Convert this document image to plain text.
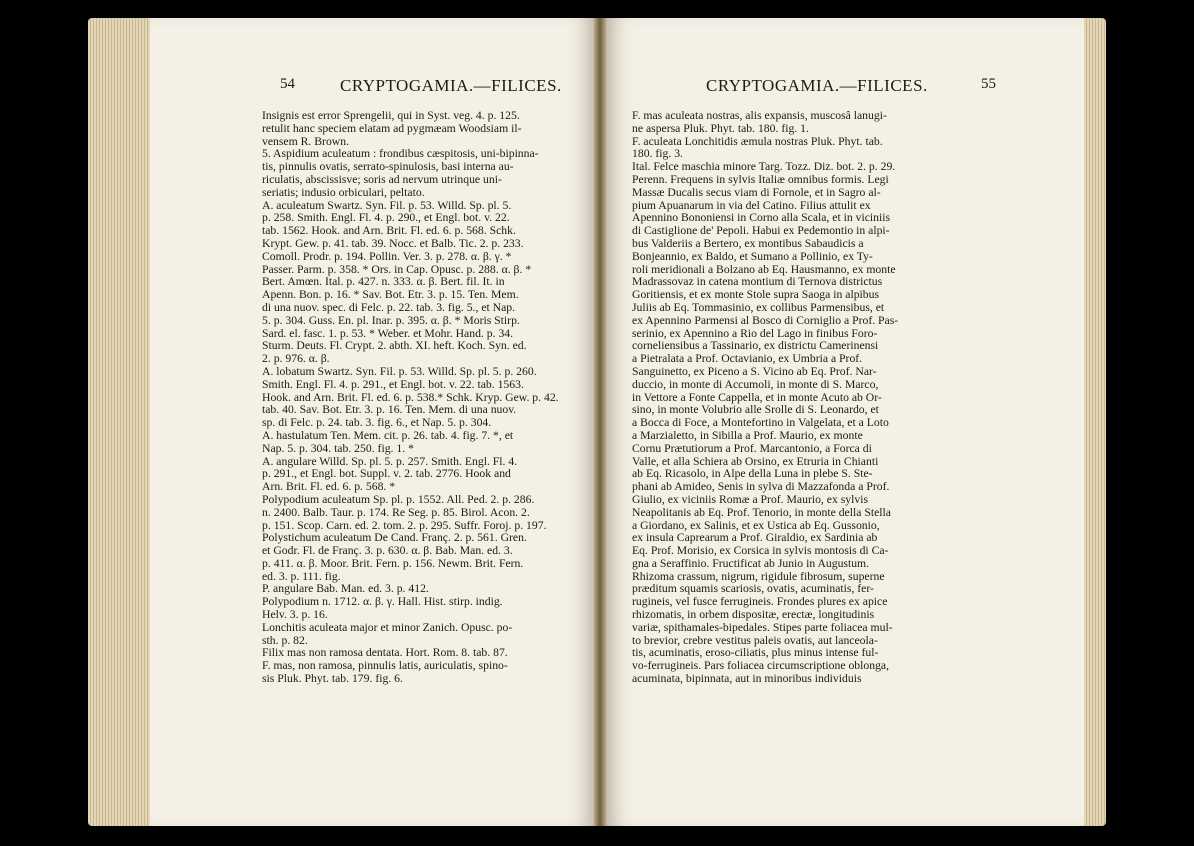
54	CRYPTOGAMIA.—FILICES.
Insignis est error Sprengelii, qui in Syst. veg. 4. p. 125.
retulit hanc speciem elatam ad pygmæam Woodsiam il-
vensem R. Brown.
5. Aspidium aculeatum : frondibus cæspitosis, uni-bipinna-
tis, pinnulis ovatis, serrato-spinulosis, basi interna au-
riculatis, abscissisve; soris ad nervum utrinque uni-
seriatis; indusio orbiculari, peltato.
A. aculeatum Swartz. Syn. Fil. p. 53. Willd. Sp. pl. 5.
p. 258. Smith. Engl. Fl. 4. p. 290., et Engl. bot. v. 22.
tab. 1562. Hook. and Arn. Brit. Fl. ed. 6. p. 568. Schk.
Krypt. Gew. p. 41. tab. 39. Nocc. et Balb. Tic. 2. p. 233.
Comoll. Prodr. p. 194. Pollin. Ver. 3. p. 278. α. β. γ. *
Passer. Parm. p. 358. * Ors. in Cap. Opusc. p. 288. α. β. *
Bert. Amœn. Ital. p. 427. n. 333. α. β. Bert. fil. It. in
Apenn. Bon. p. 16. * Sav. Bot. Etr. 3. p. 15. Ten. Mem.
di una nuov. spec. di Felc. p. 22. tab. 3. fig. 5., et Nap.
5. p. 304. Guss. En. pl. Inar. p. 395. α. β. * Moris Stirp.
Sard. el. fasc. 1. p. 53. * Weber. et Mohr. Hand. p. 34.
Sturm. Deuts. Fl. Crypt. 2. abth. XI. heft. Koch. Syn. ed.
2. p. 976. α. β.
A. lobatum Swartz. Syn. Fil. p. 53. Willd. Sp. pl. 5. p. 260.
Smith. Engl. Fl. 4. p. 291., et Engl. bot. v. 22. tab. 1563.
Hook. and Arn. Brit. Fl. ed. 6. p. 538.* Schk. Kryp. Gew. p. 42.
tab. 40. Sav. Bot. Etr. 3. p. 16. Ten. Mem. di una nuov.
sp. di Felc. p. 24. tab. 3. fig. 6., et Nap. 5. p. 304.
A. hastulatum Ten. Mem. cit. p. 26. tab. 4. fig. 7. *, et
Nap. 5. p. 304. tab. 250. fig. 1. *
A. angulare Willd. Sp. pl. 5. p. 257. Smith. Engl. Fl. 4.
p. 291., et Engl. bot. Suppl. v. 2. tab. 2776. Hook and
Arn. Brit. Fl. ed. 6. p. 568. *
Polypodium aculeatum Sp. pl. p. 1552. All. Ped. 2. p. 286.
n. 2400. Balb. Taur. p. 174. Re Seg. p. 85. Birol. Acon. 2.
p. 151. Scop. Carn. ed. 2. tom. 2. p. 295. Suffr. Foroj. p. 197.
Polystichum aculeatum De Cand. Franç. 2. p. 561. Gren.
et Godr. Fl. de Franç. 3. p. 630. α. β. Bab. Man. ed. 3.
p. 411. α. β. Moor. Brit. Fern. p. 156. Newm. Brit. Fern.
ed. 3. p. 111. fig.
P. angulare Bab. Man. ed. 3. p. 412.
Polypodium n. 1712. α. β. γ. Hall. Hist. stirp. indig.
Helv. 3. p. 16.
Lonchitis aculeata major et minor Zanich. Opusc. po-
sth. p. 82.
Filix mas non ramosa dentata. Hort. Rom. 8. tab. 87.
F. mas, non ramosa, pinnulis latis, auriculatis, spino-
sis Pluk. Phyt. tab. 179. fig. 6.
CRYPTOGAMIA.—FILICES.	55
F. mas aculeata nostras, alis expansis, muscosâ lanugi-
ne aspersa Pluk. Phyt. tab. 180. fig. 1.
F. aculeata Lonchitidis æmula nostras Pluk. Phyt. tab.
180. fig. 3.
Ital. Felce maschia minore Targ. Tozz. Diz. bot. 2. p. 29.
Perenn. Frequens in sylvis Italiæ omnibus formis. Legi
Massæ Ducalis secus viam di Fornole, et in Sagro al-
pium Apuanarum in via del Catino. Filius attulit ex
Apennino Bononiensi in Corno alla Scala, et in viciniis
di Castiglione de' Pepoli. Habui ex Pedemontio in alpi-
bus Valderiis a Bertero, ex montibus Sabaudicis a
Bonjeannio, ex Baldo, et Sumano a Pollinio, ex Ty-
roli meridionali a Bolzano ab Eq. Hausmanno, ex monte
Madrassovaz in catena montium di Ternova districtus
Goritiensis, et ex monte Stole supra Saoga in alpibus
Juliis ab Eq. Tommasinio, ex collibus Parmensibus, et
ex Apennino Parmensi al Bosco di Corniglio a Prof. Pas-
serinio, ex Apennino a Rio del Lago in finibus Foro-
corneliensibus a Tassinario, ex districtu Camerinensi
a Pietralata a Prof. Octavianio, ex Umbria a Prof.
Sanguinetto, ex Piceno a S. Vicino ab Eq. Prof. Nar-
duccio, in monte di Accumoli, in monte di S. Marco,
in Vettore a Fonte Cappella, et in monte Acuto ab Or-
sino, in monte Volubrio alle Srolle di S. Leonardo, et
a Bocca di Foce, a Montefortino in Valgelata, et a Loto
a Marzialetto, in Sibilla a Prof. Maurio, ex monte
Cornu Prætutiorum a Prof. Marcantonio, a Forca di
Valle, et alla Schiera ab Orsino, ex Etruria in Chianti
ab Eq. Ricasolo, in Alpe della Luna in plebe S. Ste-
phani ab Amideo, Senis in sylva di Mazzafonda a Prof.
Giulio, ex viciniis Romæ a Prof. Maurio, ex sylvis
Neapolitanis ab Eq. Prof. Tenorio, in monte della Stella
a Giordano, ex Salinis, et ex Ustica ab Eq. Gussonio,
ex insula Caprearum a Prof. Giraldio, ex Sardinia ab
Eq. Prof. Morisio, ex Corsica in sylvis montosis di Ca-
gna a Seraffinio. Fructificat ab Junio in Augustum.
Rhizoma crassum, nigrum, rigidule fibrosum, superne
præditum squamis scariosis, ovatis, acuminatis, fer-
rugineis, vel fusce ferrugineis. Frondes plures ex apice
rhizomatis, in orbem dispositæ, erectæ, longitudinis
variæ, spithamales-bipedales. Stipes parte foliacea mul-
to brevior, crebre vestitus paleis ovatis, aut lanceola-
tis, acuminatis, eroso-ciliatis, plus minus intense ful-
vo-ferrugineis. Pars foliacea circumscriptione oblonga,
acuminata, bipinnata, aut in minoribus individuis
